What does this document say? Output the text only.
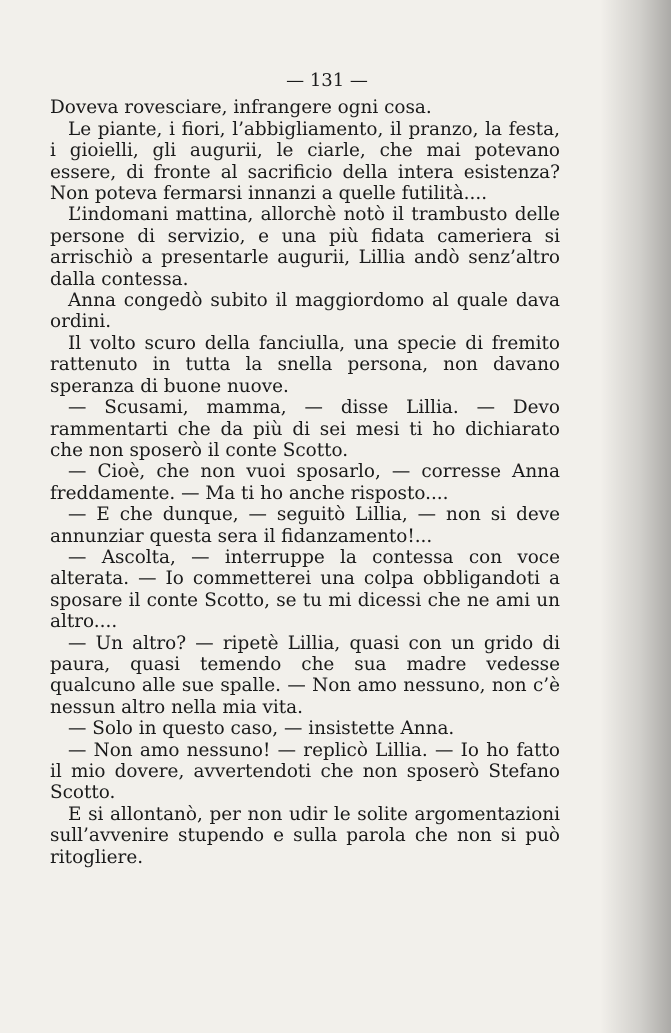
— 131 —

Doveva rovesciare, infrangere ogni cosa.

Le piante, i fiori, l’abbigliamento, il pranzo, la festa, i gioielli, gli augurii, le ciarle, che mai potevano essere, di fronte al sacrificio della intera esistenza? Non poteva fermarsi innanzi a quelle futilità....

L’indomani mattina, allorchè notò il trambusto delle persone di servizio, e una più fidata cameriera si arrischiò a presentarle augurii, Lillia andò senz’altro dalla contessa.

Anna congedò subito il maggiordomo al quale dava ordini.

Il volto scuro della fanciulla, una specie di fremito rattenuto in tutta la snella persona, non davano speranza di buone nuove.

— Scusami, mamma, — disse Lillia. — Devo rammentarti che da più di sei mesi ti ho dichiarato che non sposerò il conte Scotto.

— Cioè, che non vuoi sposarlo, — corresse Anna freddamente. — Ma ti ho anche risposto....

— E che dunque, — seguitò Lillia, — non si deve annunziar questa sera il fidanzamento!...

— Ascolta, — interruppe la contessa con voce alterata. — Io commetterei una colpa obbligandoti a sposare il conte Scotto, se tu mi dicessi che ne ami un altro....

— Un altro? — ripetè Lillia, quasi con un grido di paura, quasi temendo che sua madre vedesse qualcuno alle sue spalle. — Non amo nessuno, non c’è nessun altro nella mia vita.

— Solo in questo caso, — insistette Anna.

— Non amo nessuno! — replicò Lillia. — Io ho fatto il mio dovere, avvertendoti che non sposerò Stefano Scotto.

E si allontanò, per non udir le solite argomentazioni sull’avvenire stupendo e sulla parola che non si può ritogliere.
